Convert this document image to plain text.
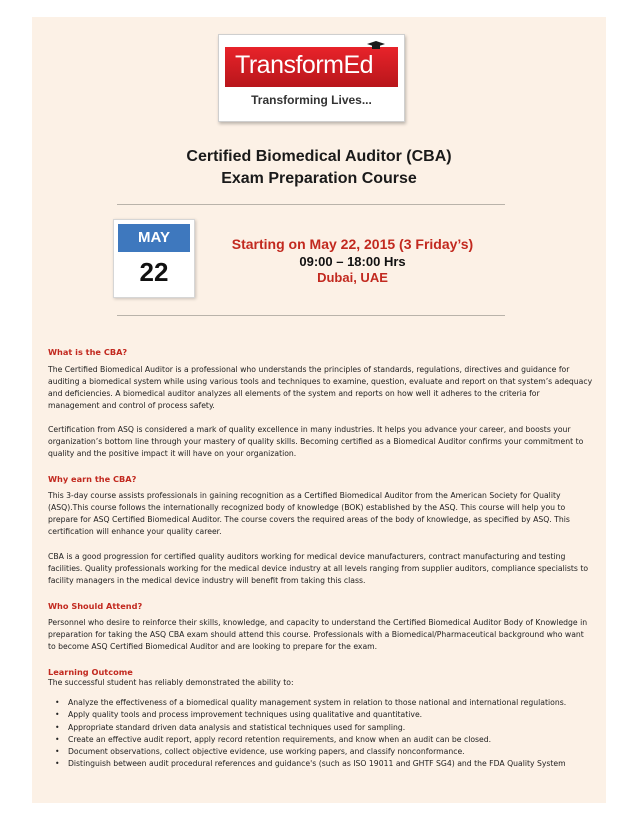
TransformEd
Transforming Lives...
Certified Biomedical Auditor (CBA)
Exam Preparation Course
MAY
22
Starting on May 22, 2015 (3 Friday’s)
09:00 – 18:00 Hrs
Dubai, UAE
What is the CBA?
The Certified Biomedical Auditor is a professional who understands the principles of standards, regulations, directives and guidance for auditing a biomedical system while using various tools and techniques to examine, question, evaluate and report on that system’s adequacy and deficiencies. A biomedical auditor analyzes all elements of the system and reports on how well it adheres to the criteria for management and control of process safety.
Certification from ASQ is considered a mark of quality excellence in many industries. It helps you advance your career, and boosts your organization’s bottom line through your mastery of quality skills. Becoming certified as a Biomedical Auditor confirms your commitment to quality and the positive impact it will have on your organization.
Why earn the CBA?
This 3-day course assists professionals in gaining recognition as a Certified Biomedical Auditor from the American Society for Quality (ASQ).This course follows the internationally recognized body of knowledge (BOK) established by the ASQ. This course will help you to prepare for ASQ Certified Biomedical Auditor. The course covers the required areas of the body of knowledge, as specified by ASQ. This certification will enhance your quality career.
CBA is a good progression for certified quality auditors working for medical device manufacturers, contract manufacturing and testing facilities. Quality professionals working for the medical device industry at all levels ranging from supplier auditors, compliance specialists to facility managers in the medical device industry will benefit from taking this class.
Who Should Attend?
Personnel who desire to reinforce their skills, knowledge, and capacity to understand the Certified Biomedical Auditor Body of Knowledge in preparation for taking the ASQ CBA exam should attend this course. Professionals with a Biomedical/Pharmaceutical background who want to become ASQ Certified Biomedical Auditor and are looking to prepare for the exam.
Learning Outcome
The successful student has reliably demonstrated the ability to:
• Analyze the effectiveness of a biomedical quality management system in relation to those national and international regulations.
• Apply quality tools and process improvement techniques using qualitative and quantitative.
• Appropriate standard driven data analysis and statistical techniques used for sampling.
• Create an effective audit report, apply record retention requirements, and know when an audit can be closed.
• Document observations, collect objective evidence, use working papers, and classify nonconformance.
• Distinguish between audit procedural references and guidance's (such as ISO 19011 and GHTF SG4) and the FDA Quality System
